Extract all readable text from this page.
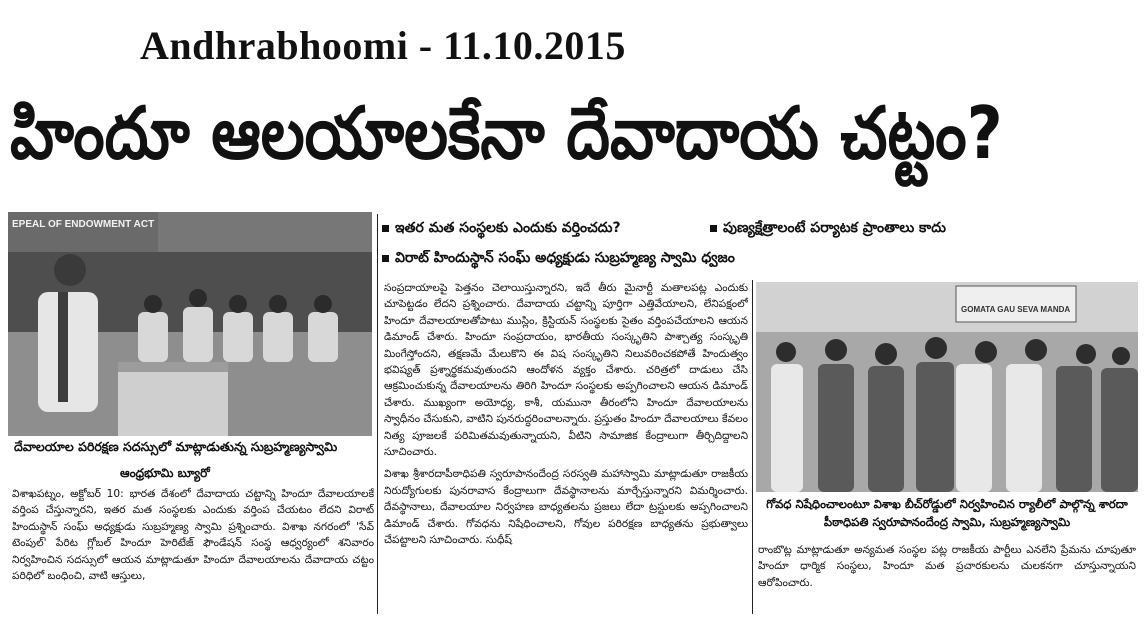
Andhrabhoomi - 11.10.2015
హిందూ ఆలయాలకేనా దేవాదాయ చట్టం?
EPEAL OF ENDOWMENT ACT
దేవాలయాల పరిరక్షణ సదస్సులో మాట్లాడుతున్న సుబ్రహ్మణ్యస్వామి
ఆంధ్రభూమి బ్యూరో

విశాఖపట్నం, అక్టోబర్ 10: భారత దేశంలో దేవాదాయ చట్టాన్ని హిందూ దేవాలయాలకే వర్తింప చేస్తున్నారని, ఇతర మత సంస్థలకు ఎందుకు వర్తింప చేయటం లేదని విరాట్ హిందుస్థాన్ సంఘ్ అధ్యక్షుడు సుబ్రహ్మణ్య స్వామి ప్రశ్నించారు. విశాఖ నగరంలో 'సేవ్ టెంపుల్' పేరిట గ్లోబల్ హిందూ హెరిటేజ్ ఫౌండేషన్ సంస్థ ఆధ్వర్యంలో శనివారం నిర్వహించిన సదస్సులో ఆయన మాట్లాడుతూ హిందూ దేవాలయాలను దేవాదాయ చట్టం పరిధిలో బంధించి, వాటి ఆస్తులు,

ఇతర మత సంస్థలకు ఎందుకు వర్తించదు?	పుణ్యక్షేత్రాలంటే పర్యాటక ప్రాంతాలు కాదు
విరాట్ హిందుస్థాన్ సంఘ్ అధ్యక్షుడు సుబ్రహ్మణ్య స్వామి ధ్వజం

సంప్రదాయాలపై పెత్తనం చెలాయిస్తున్నారని, ఇదే తీరు మైనార్టీ మతాలపట్ల ఎందుకు చూపెట్టడం లేదని ప్రశ్నించారు. దేవాదాయ చట్టాన్ని పూర్తిగా ఎత్తివేయాలని, లేనిపక్షంలో హిందూ దేవాలయాలతోపాటు ముస్లిం, క్రిస్టియన్ సంస్థలకు సైతం వర్తింపచేయాలని ఆయన డిమాండ్ చేశారు. హిందూ సంప్రదాయం, భారతీయ సంస్కృతిని పాశ్చాత్య సంస్కృతి మింగేస్తోందని, తక్షణమే మేలుకొని ఈ విష సంస్కృతిని నిలువరించకపోతే హిందుత్వం భవిష్యత్ ప్రశ్నార్థకమవుతుందని ఆందోళన వ్యక్తం చేశారు. చరిత్రలో దాడులు చేసి ఆక్రమించుకున్న దేవాలయాలను తిరిగి హిందూ సంస్థలకు అప్పగించాలని ఆయన డిమాండ్ చేశారు. ముఖ్యంగా అయోధ్య, కాశీ, యమునా తీరంలోని హిందూ దేవాలయాలను స్వాధీనం చేసుకుని, వాటిని పునరుద్ధరించాలన్నారు. ప్రస్తుతం హిందూ దేవాలయాలు కేవలం నిత్య పూజలకే పరిమితమవుతున్నాయని, వీటిని సామాజిక కేంద్రాలుగా తీర్చిదిద్దాలని సూచించారు.

విశాఖ శ్రీశారదాపీఠాధిపతి స్వరూపానందేంద్ర సరస్వతి మహాస్వామి మాట్లాడుతూ రాజకీయ నిరుద్యోగులకు పునరావాస కేంద్రాలుగా దేవస్థానాలను మార్చేస్తున్నారని విమర్శించారు. దేవస్థానాలు, దేవాలయాల నిర్వహణ బాధ్యతలను ప్రజలు లేదా ట్రస్టులకు అప్పగించాలని డిమాండ్ చేశారు. గోవధను నిషేధించాలని, గోవుల పరిరక్షణ బాధ్యతను ప్రభుత్వాలు చేపట్టాలని సూచించారు. సుధీష్

GOMATA GAU SEVA MANDA
గోవధ నిషేధించాలంటూ విశాఖ బీచ్‌రోడ్డులో నిర్వహించిన ర్యాలీలో పాల్గొన్న శారదా పీఠాధిపతి స్వరూపానందేంద్ర స్వామి, సుబ్రహ్మణ్యస్వామి

రాంబొట్ల మాట్లాడుతూ అన్యమత సంస్థల పట్ల రాజకీయ పార్టీలు ఎనలేని ప్రేమను చూపుతూ హిందూ ధార్మిక సంస్థలు, హిందూ మత ప్రచారకులను చులకనగా చూస్తున్నాయని ఆరోపించారు.
